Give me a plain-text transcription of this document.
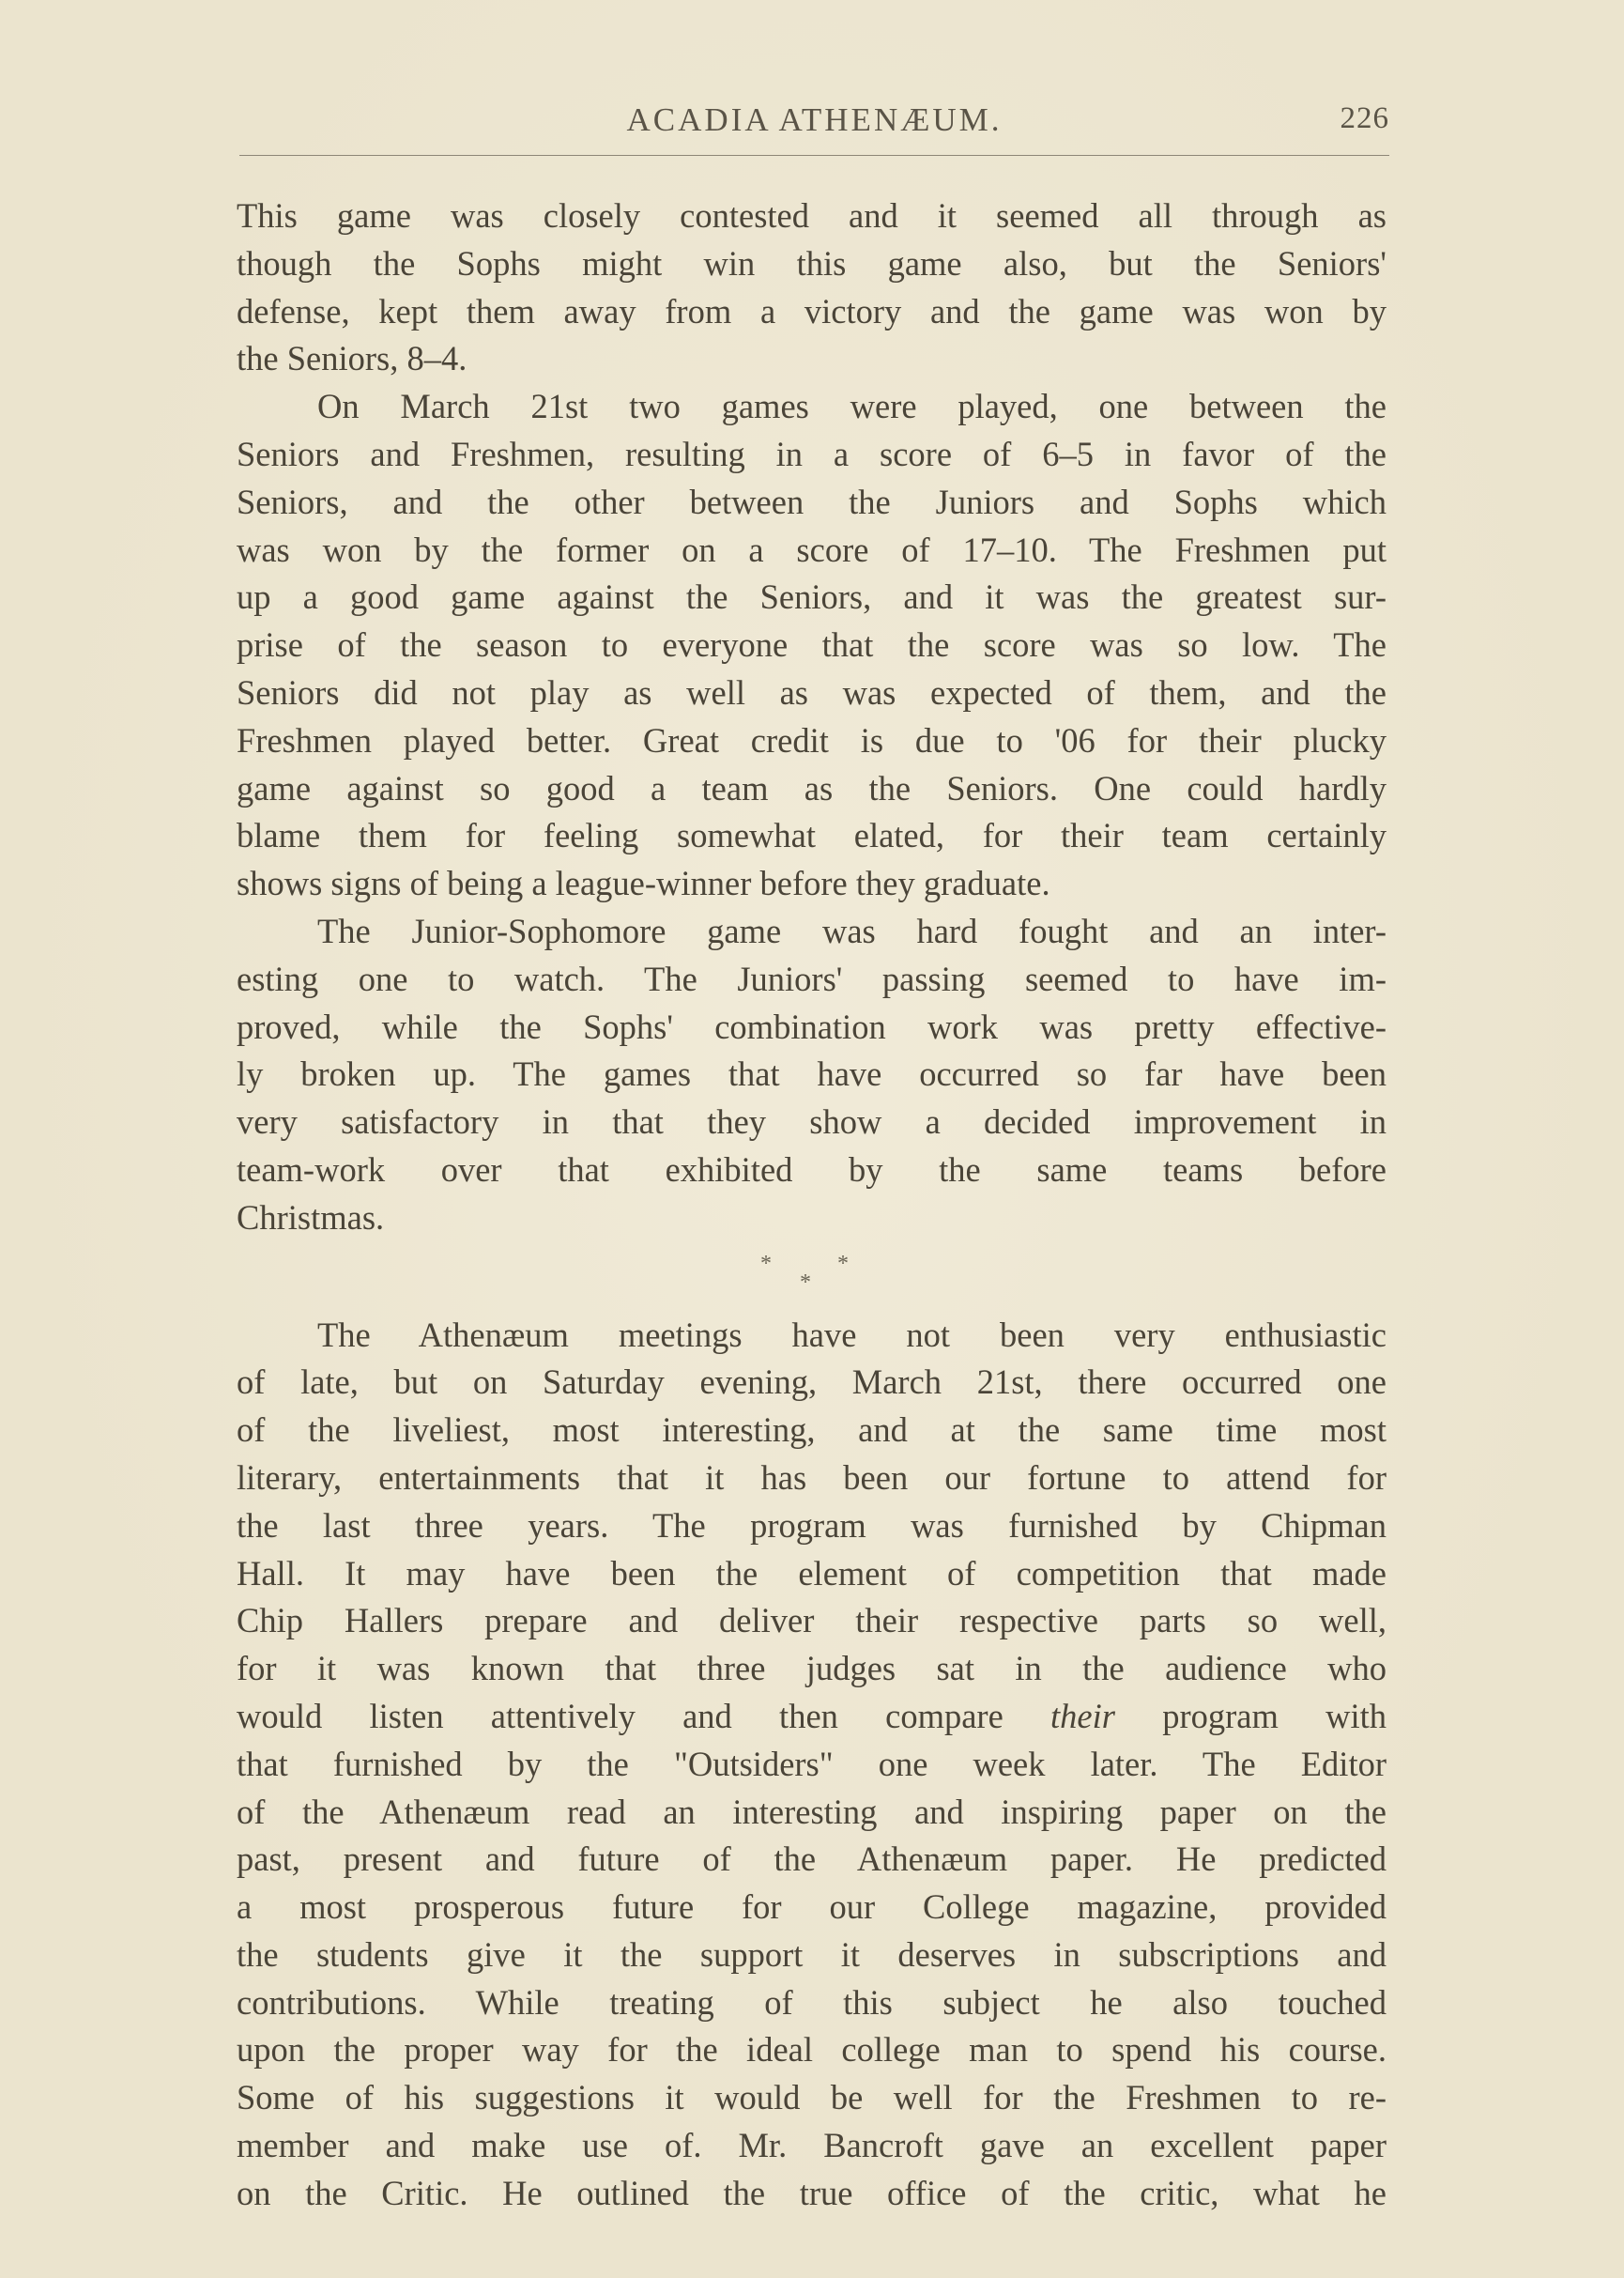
ACADIA ATHENÆUM.	226

This game was closely contested and it seemed all through as

though the Sophs might win this game also, but the Seniors'

defense, kept them away from a victory and the game was won by

the Seniors, 8–4.

On March 21st two games were played, one between the

Seniors and Freshmen, resulting in a score of 6–5 in favor of the

Seniors, and the other between the Juniors and Sophs which

was won by the former on a score of 17–10. The Freshmen put

up a good game against the Seniors, and it was the greatest sur-

prise of the season to everyone that the score was so low. The

Seniors did not play as well as was expected of them, and the

Freshmen played better. Great credit is due to '06 for their plucky

game against so good a team as the Seniors. One could hardly

blame them for feeling somewhat elated, for their team certainly

shows signs of being a league-winner before they graduate.

The Junior-Sophomore game was hard fought and an inter-

esting one to watch. The Juniors' passing seemed to have im-

proved, while the Sophs' combination work was pretty effective-

ly broken up. The games that have occurred so far have been

very satisfactory in that they show a decided improvement in

team-work over that exhibited by the same teams before

Christmas.

*	*
*

The Athenæum meetings have not been very enthusiastic

of late, but on Saturday evening, March 21st, there occurred one

of the liveliest, most interesting, and at the same time most

literary, entertainments that it has been our fortune to attend for

the last three years. The program was furnished by Chipman

Hall. It may have been the element of competition that made

Chip Hallers prepare and deliver their respective parts so well,

for it was known that three judges sat in the audience who

would listen attentively and then compare their program with

that furnished by the "Outsiders" one week later. The Editor

of the Athenæum read an interesting and inspiring paper on the

past, present and future of the Athenæum paper. He predicted

a most prosperous future for our College magazine, provided

the students give it the support it deserves in subscriptions and

contributions. While treating of this subject he also touched

upon the proper way for the ideal college man to spend his course.

Some of his suggestions it would be well for the Freshmen to re-

member and make use of. Mr. Bancroft gave an excellent paper

on the Critic. He outlined the true office of the critic, what he
